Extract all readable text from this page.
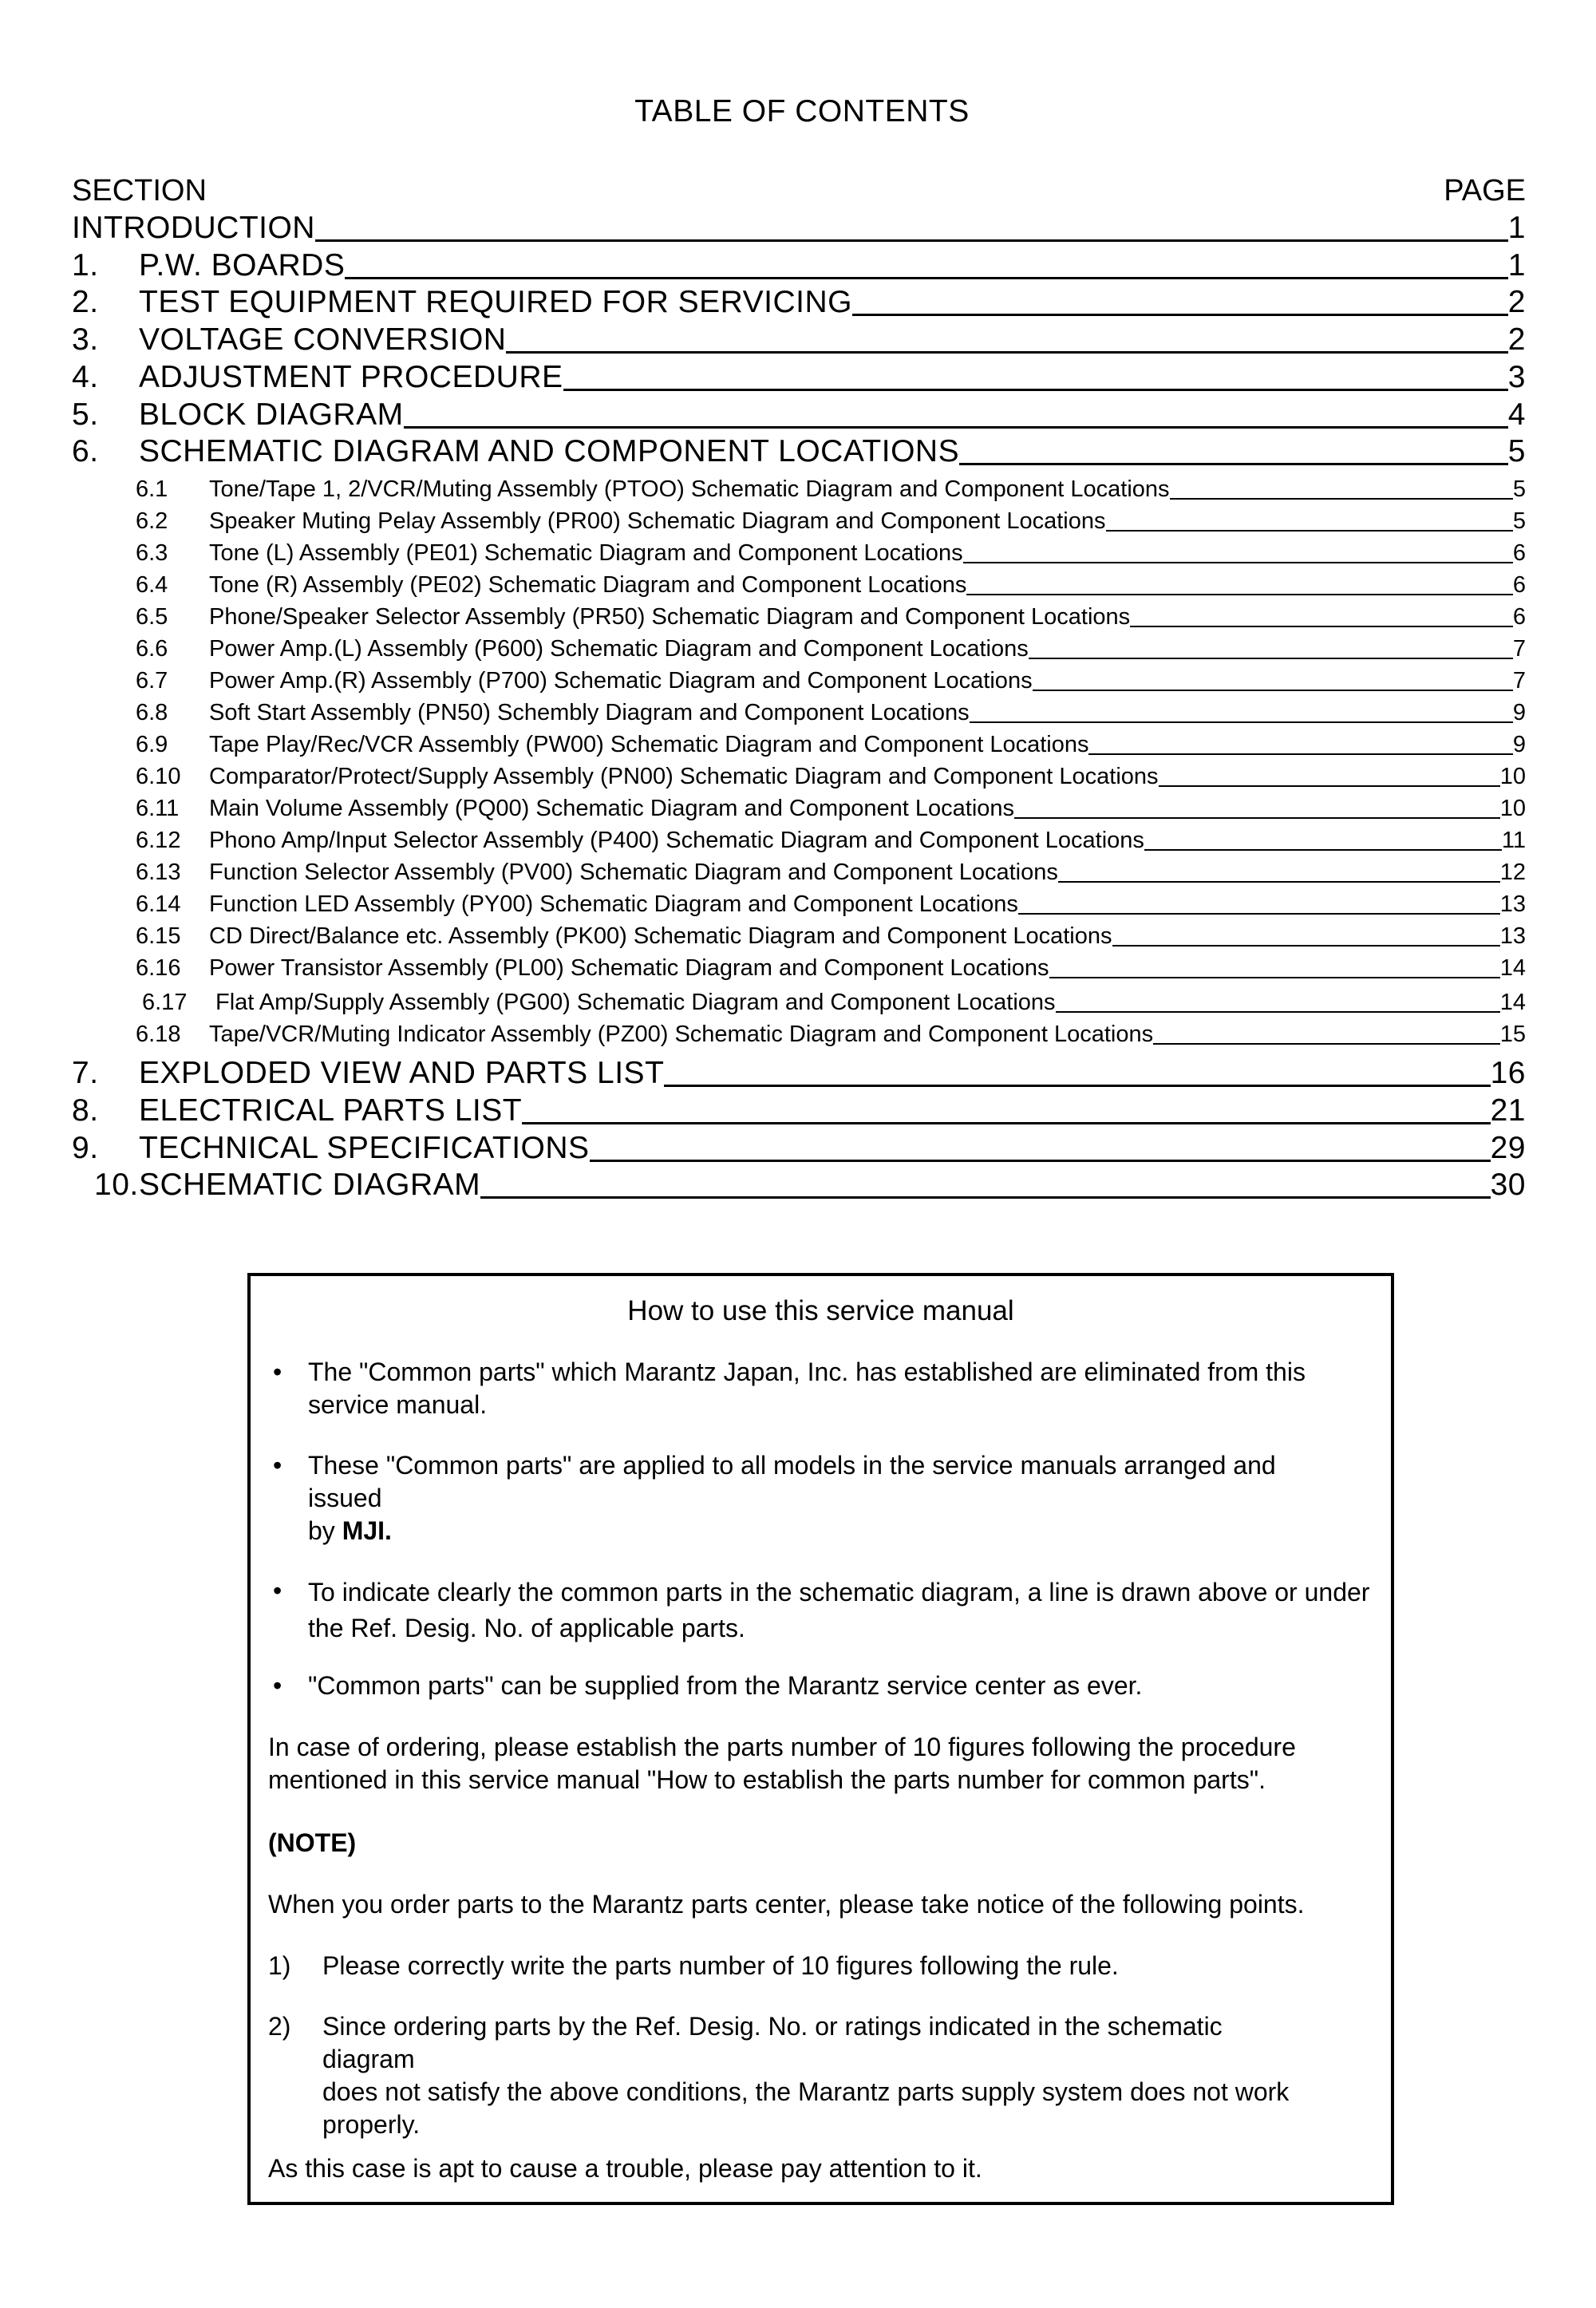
TABLE OF CONTENTS
SECTION	PAGE
INTRODUCTION	1
1.	P.W. BOARDS	1
2.	TEST EQUIPMENT REQUIRED FOR SERVICING	2
3.	VOLTAGE CONVERSION	2
4.	ADJUSTMENT PROCEDURE	3
5.	BLOCK DIAGRAM	4
6.	SCHEMATIC DIAGRAM AND COMPONENT LOCATIONS	5
6.1	Tone/Tape 1, 2/VCR/Muting Assembly (PTOO) Schematic Diagram and Component Locations	5
6.2	Speaker Muting Pelay Assembly (PR00) Schematic Diagram and Component Locations	5
6.3	Tone (L) Assembly (PE01) Schematic Diagram and Component Locations	6
6.4	Tone (R) Assembly (PE02) Schematic Diagram and Component Locations	6
6.5	Phone/Speaker Selector Assembly (PR50) Schematic Diagram and Component Locations	6
6.6	Power Amp.(L) Assembly (P600) Schematic Diagram and Component Locations	7
6.7	Power Amp.(R) Assembly (P700) Schematic Diagram and Component Locations	7
6.8	Soft Start Assembly (PN50) Schembly Diagram and Component Locations	9
6.9	Tape Play/Rec/VCR Assembly (PW00) Schematic Diagram and Component Locations	9
6.10	Comparator/Protect/Supply Assembly (PN00) Schematic Diagram and Component Locations	10
6.11	Main Volume Assembly (PQ00) Schematic Diagram and Component Locations	10
6.12	Phono Amp/Input Selector Assembly (P400) Schematic Diagram and Component Locations	11
6.13	Function Selector Assembly (PV00) Schematic Diagram and Component Locations	12
6.14	Function LED Assembly (PY00) Schematic Diagram and Component Locations	13
6.15	CD Direct/Balance etc. Assembly (PK00) Schematic Diagram and Component Locations	13
6.16	Power Transistor Assembly (PL00) Schematic Diagram and Component Locations	14
6.17	Flat Amp/Supply Assembly (PG00) Schematic Diagram and Component Locations	14
6.18	Tape/VCR/Muting Indicator Assembly (PZ00) Schematic Diagram and Component Locations	15
7.	EXPLODED VIEW AND PARTS LIST	16
8.	ELECTRICAL PARTS LIST	21
9.	TECHNICAL SPECIFICATIONS	29
10. SCHEMATIC DIAGRAM	30
How to use this service manual
•	The "Common parts" which Marantz Japan, Inc. has established are eliminated from this service manual.
•	These "Common parts" are applied to all models in the service manuals arranged and
issued
by MJI.
•	To indicate clearly the common parts in the schematic diagram, a line is drawn above or under the Ref. Desig. No. of applicable parts.
•	"Common parts" can be supplied from the Marantz service center as ever.
In case of ordering, please establish the parts number of 10 figures following the procedure mentioned in this service manual "How to establish the parts number for common parts".
(NOTE)
When you order parts to the Marantz parts center, please take notice of the following points.
1)	Please correctly write the parts number of 10 figures following the rule.
2)	Since ordering parts by the Ref. Desig. No. or ratings indicated in the schematic
diagram
does not satisfy the above conditions, the Marantz parts supply system does not work properly.
As this case is apt to cause a trouble, please pay attention to it.
